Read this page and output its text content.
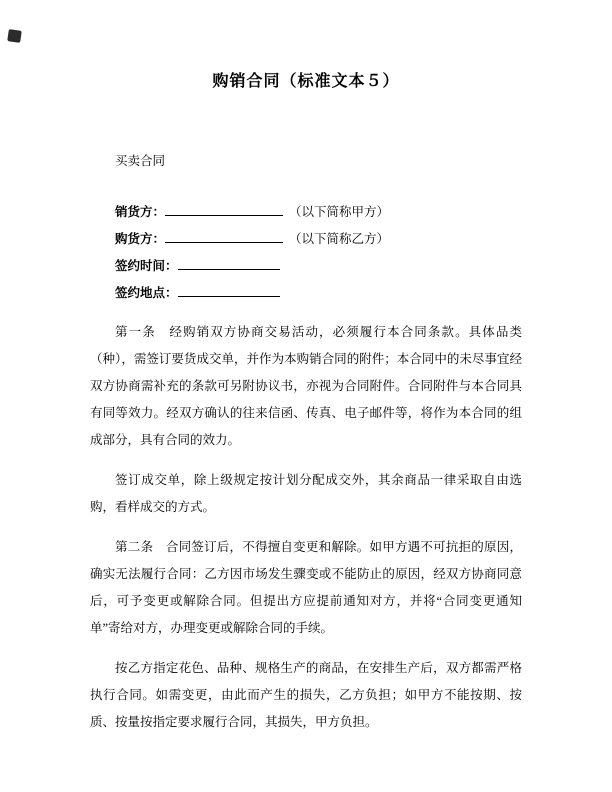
购销合同（标准文本５）
买卖合同
销货方：	（以下简称甲方）
购货方：	（以下简称乙方）
签约时间：
签约地点：

第一条　经购销双方协商交易活动，必须履行本合同条款。具体品类（种），需签订要货成交单，并作为本购销合同的附件；本合同中的未尽事宜经双方协商需补充的条款可另附协议书，亦视为合同附件。合同附件与本合同具有同等效力。经双方确认的往来信函、传真、电子邮件等，将作为本合同的组成部分，具有合同的效力。

签订成交单，除上级规定按计划分配成交外，其余商品一律采取自由选购，看样成交的方式。

第二条　合同签订后，不得擅自变更和解除。如甲方遇不可抗拒的原因，确实无法履行合同：乙方因市场发生骤变或不能防止的原因，经双方协商同意后，可予变更或解除合同。但提出方应提前通知对方，并将“合同变更通知单”寄给对方，办理变更或解除合同的手续。

按乙方指定花色、品种、规格生产的商品，在安排生产后，双方都需严格执行合同。如需变更，由此而产生的损失，乙方负担；如甲方不能按期、按质、按量按指定要求履行合同，其损失，甲方负担。
